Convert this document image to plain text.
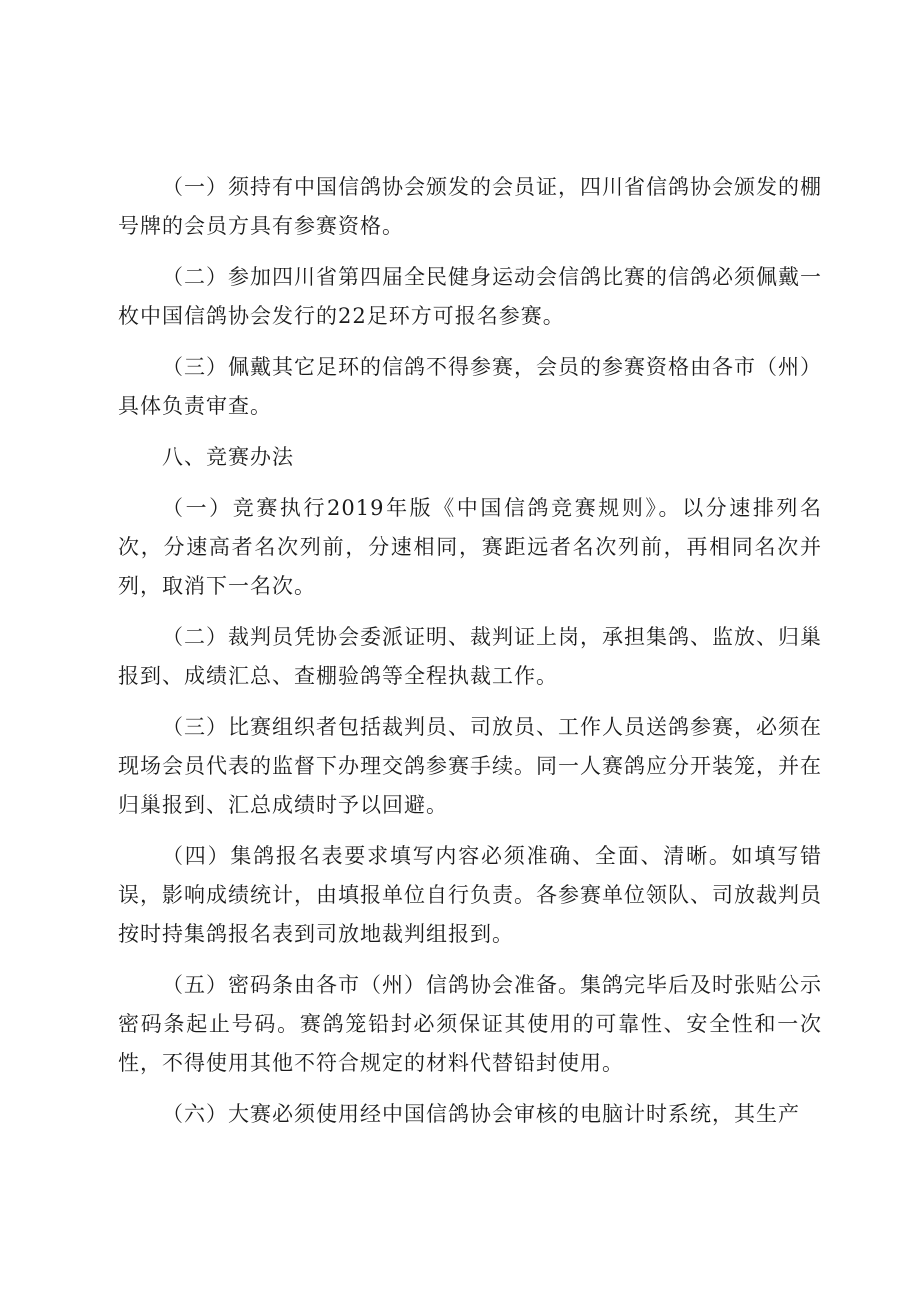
（一）须持有中国信鸽协会颁发的会员证，四川省信鸽协会颁发的棚号牌的会员方具有参赛资格。

（二）参加四川省第四届全民健身运动会信鸽比赛的信鸽必须佩戴一枚中国信鸽协会发行的22足环方可报名参赛。

（三）佩戴其它足环的信鸽不得参赛，会员的参赛资格由各市（州）具体负责审查。

八、竞赛办法

（一）竞赛执行2019年版《中国信鸽竞赛规则》。以分速排列名次，分速高者名次列前，分速相同，赛距远者名次列前，再相同名次并列，取消下一名次。

（二）裁判员凭协会委派证明、裁判证上岗，承担集鸽、监放、归巢报到、成绩汇总、查棚验鸽等全程执裁工作。

（三）比赛组织者包括裁判员、司放员、工作人员送鸽参赛，必须在现场会员代表的监督下办理交鸽参赛手续。同一人赛鸽应分开装笼，并在归巢报到、汇总成绩时予以回避。

（四）集鸽报名表要求填写内容必须准确、全面、清晰。如填写错误，影响成绩统计，由填报单位自行负责。各参赛单位领队、司放裁判员按时持集鸽报名表到司放地裁判组报到。

（五）密码条由各市（州）信鸽协会准备。集鸽完毕后及时张贴公示密码条起止号码。赛鸽笼铅封必须保证其使用的可靠性、安全性和一次性，不得使用其他不符合规定的材料代替铅封使用。

（六）大赛必须使用经中国信鸽协会审核的电脑计时系统，其生产
